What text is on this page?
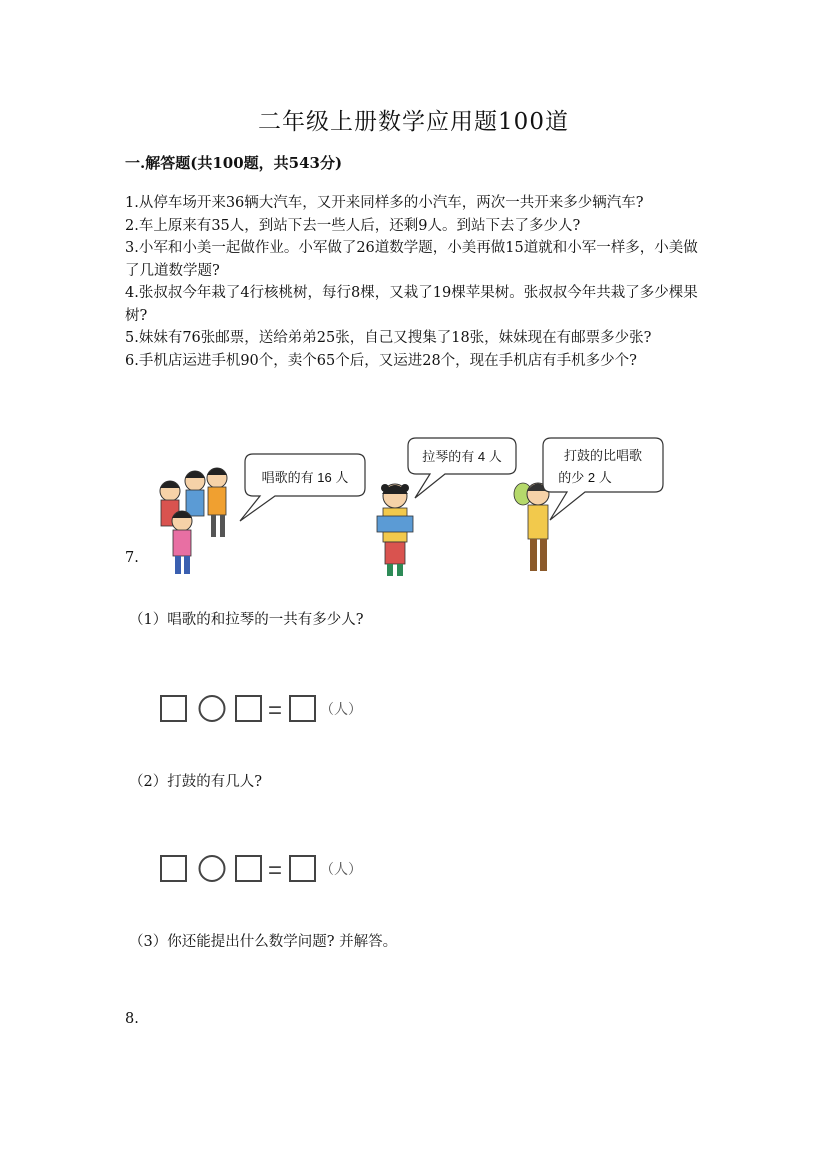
二年级上册数学应用题100道
一.解答题(共100题，共543分)

1.从停车场开来36辆大汽车，又开来同样多的小汽车，两次一共开来多少辆汽车?

2.车上原来有35人，到站下去一些人后，还剩9人。到站下去了多少人?

3.小军和小美一起做作业。小军做了26道数学题，小美再做15道就和小军一样多，小美做了几道数学题?

4.张叔叔今年栽了4行核桃树，每行8棵，又栽了19棵苹果树。张叔叔今年共栽了多少棵果树?

5.妹妹有76张邮票，送给弟弟25张，自己又搜集了18张，妹妹现在有邮票多少张?

6.手机店运进手机90个，卖个65个后，又运进28个，现在手机店有手机多少个?

7.
唱歌的有 16 人
拉琴的有 4 人	打鼓的比唱歌
的少 2 人
（1）唱歌的和拉琴的一共有多少人?
=	（人）
（2）打鼓的有几人?
=	（人）
（3）你还能提出什么数学问题? 并解答。
8.
